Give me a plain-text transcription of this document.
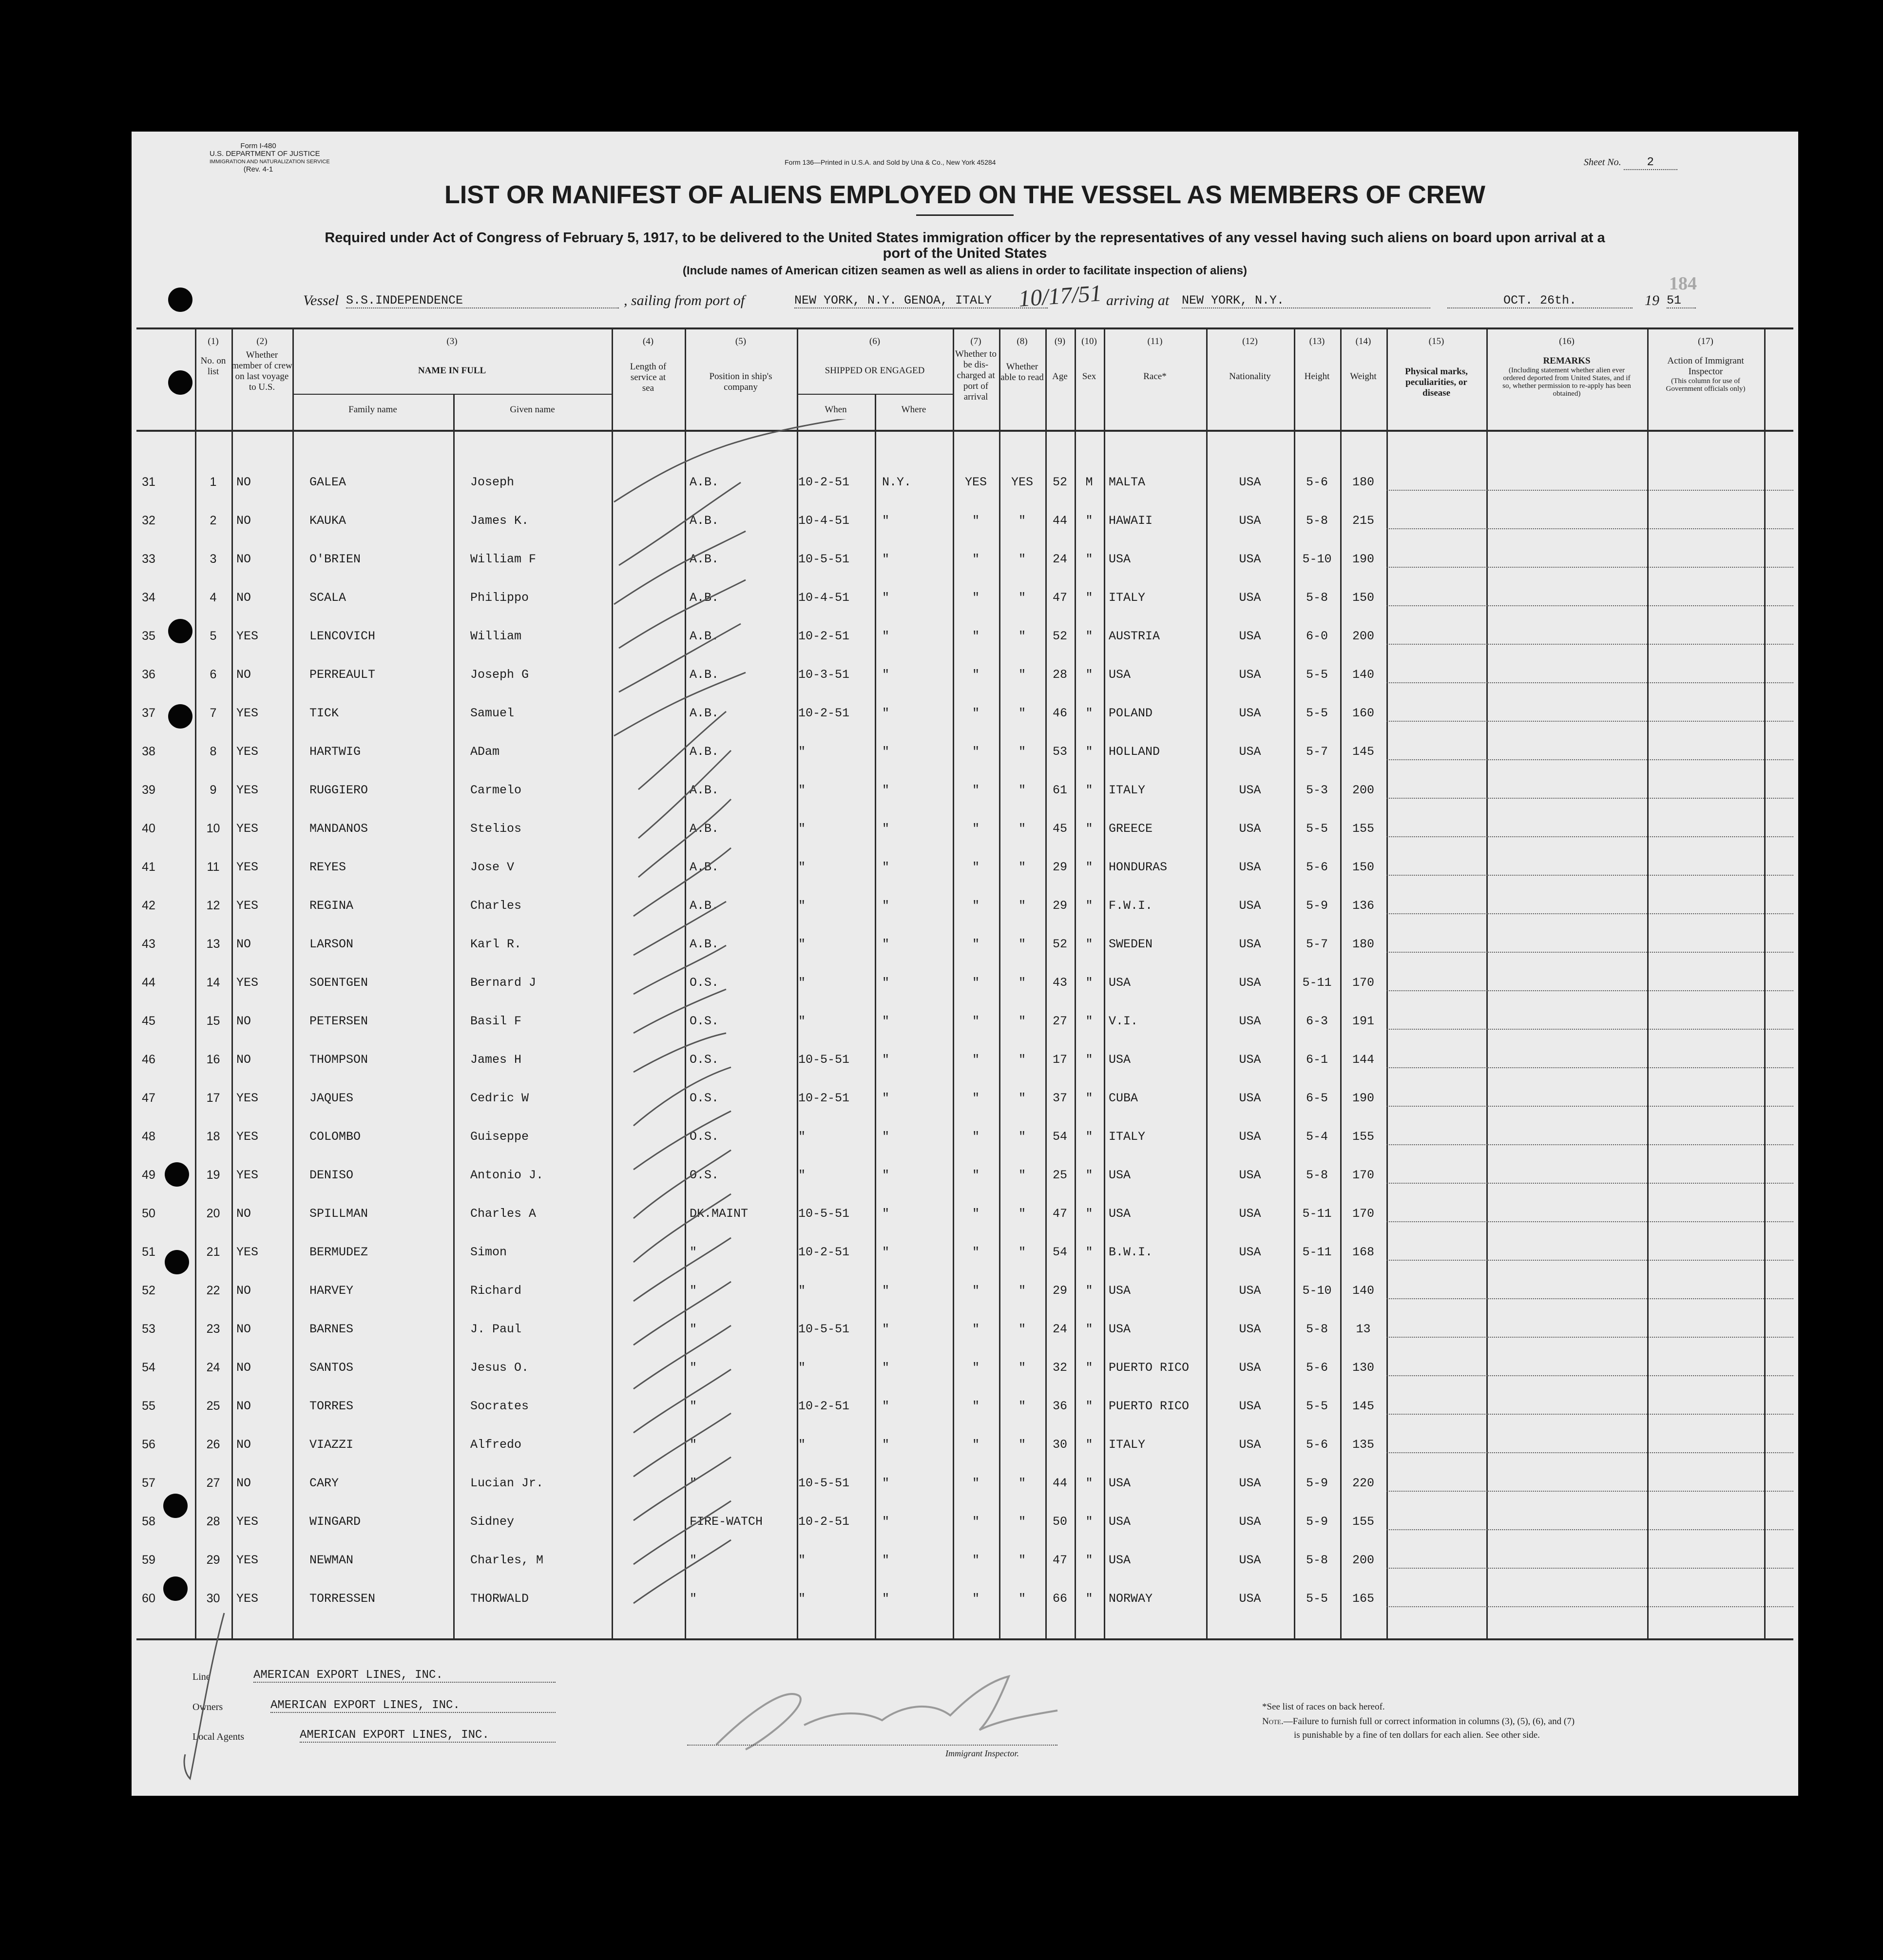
Form I-480
U.S. DEPARTMENT OF JUSTICE
IMMIGRATION AND NATURALIZATION SERVICE
(Rev. 4-1
Form 136—Printed in U.S.A. and Sold by Una & Co., New York 45284	Sheet No. 2
LIST OR MANIFEST OF ALIENS EMPLOYED ON THE VESSEL AS MEMBERS OF CREW
Required under Act of Congress of February 5, 1917, to be delivered to the United States immigration officer by the representatives of any vessel having such aliens on board upon arrival at a
port of the United States
(Include names of American citizen seamen as well as aliens in order to facilitate inspection of aliens)
184
Vessel S.S.INDEPENDENCE	, sailing from port of	NEW YORK, N.Y. GENOA, ITALY	10/17/51 arriving at NEW YORK, N.Y.	OCT. 26th.	19 51
(1)
No. on list
(2)
Whether member of crew on last voyage to U.S.
(3)
NAME IN FULL
Family name	Given name
(4)
Length of service at sea
(5)
Position in ship's company
(6)
SHIPPED OR ENGAGED
When	Where
(7)
Whether to be dis- charged at port of arrival
(8)
Whether able to read
(9)
Age
(10)
Sex
(11)
Race*
(12)
Nationality
(13)
Height
(14)
Weight
(15)
Physical marks, peculiarities, or disease
(16)
REMARKS
(Including statement whether alien ever ordered deported from United States, and if so, whether permission to re-apply has been obtained)
(17)
Action of Immigrant Inspector
(This column for use of Government officials only)
31	1	NO	GALEA	Joseph	A.B.	10-2-51	N.Y.	YES	YES	52	M	MALTA	USA	5-6	180
32	2	NO	KAUKA	James K.	A.B.	10-4-51	"	"	"	44	"	HAWAII	USA	5-8	215
33	3	NO	O'BRIEN	William F	A.B.	10-5-51	"	"	"	24	"	USA	USA	5-10	190
34	4	NO	SCALA	Philippo	A.B.	10-4-51	"	"	"	47	"	ITALY	USA	5-8	150
35	5	YES	LENCOVICH	William	A.B.	10-2-51	"	"	"	52	"	AUSTRIA	USA	6-0	200
36	6	NO	PERREAULT	Joseph G	A.B.	10-3-51	"	"	"	28	"	USA	USA	5-5	140
37	7	YES	TICK	Samuel	A.B.	10-2-51	"	"	"	46	"	POLAND	USA	5-5	160
38	8	YES	HARTWIG	ADam	A.B.	"	"	"	"	53	"	HOLLAND	USA	5-7	145
39	9	YES	RUGGIERO	Carmelo	A.B.	"	"	"	"	61	"	ITALY	USA	5-3	200
40	10	YES	MANDANOS	Stelios	A.B.	"	"	"	"	45	"	GREECE	USA	5-5	155
41	11	YES	REYES	Jose V	A.B.	"	"	"	"	29	"	HONDURAS	USA	5-6	150
42	12	YES	REGINA	Charles	A.B.	"	"	"	"	29	"	F.W.I.	USA	5-9	136
43	13	NO	LARSON	Karl R.	A.B.	"	"	"	"	52	"	SWEDEN	USA	5-7	180
44	14	YES	SOENTGEN	Bernard J	O.S.	"	"	"	"	43	"	USA	USA	5-11	170
45	15	NO	PETERSEN	Basil F	O.S.	"	"	"	"	27	"	V.I.	USA	6-3	191
46	16	NO	THOMPSON	James H	O.S.	10-5-51	"	"	"	17	"	USA	USA	6-1	144
47	17	YES	JAQUES	Cedric W	O.S.	10-2-51	"	"	"	37	"	CUBA	USA	6-5	190
48	18	YES	COLOMBO	Guiseppe	O.S.	"	"	"	"	54	"	ITALY	USA	5-4	155
49	19	YES	DENISO	Antonio J.	O.S.	"	"	"	"	25	"	USA	USA	5-8	170
50	20	NO	SPILLMAN	Charles A	DK.MAINT	10-5-51	"	"	"	47	"	USA	USA	5-11	170
51	21	YES	BERMUDEZ	Simon	"	10-2-51	"	"	"	54	"	B.W.I.	USA	5-11	168
52	22	NO	HARVEY	Richard	"	"	"	"	"	29	"	USA	USA	5-10	140
53	23	NO	BARNES	J. Paul	"	10-5-51	"	"	"	24	"	USA	USA	5-8	13
54	24	NO	SANTOS	Jesus O.	"	"	"	"	"	32	"	PUERTO RICO	USA	5-6	130
55	25	NO	TORRES	Socrates	"	10-2-51	"	"	"	36	"	PUERTO RICO	USA	5-5	145
56	26	NO	VIAZZI	Alfredo	"	"	"	"	"	30	"	ITALY	USA	5-6	135
57	27	NO	CARY	Lucian Jr.	"	10-5-51	"	"	"	44	"	USA	USA	5-9	220
58	28	YES	WINGARD	Sidney	FIRE-WATCH	10-2-51	"	"	"	50	"	USA	USA	5-9	155
59	29	YES	NEWMAN	Charles, M	"	"	"	"	"	47	"	USA	USA	5-8	200
60	30	YES	TORRESSEN	THORWALD	"	"	"	"	"	66	"	NORWAY	USA	5-5	165
Line	AMERICAN EXPORT LINES, INC.
Owners	AMERICAN EXPORT LINES, INC.
Local Agents	AMERICAN EXPORT LINES, INC.
Immigrant Inspector.
*See list of races on back hereof.
Note.—Failure to furnish full or correct information in columns (3), (5), (6), and (7)
is punishable by a fine of ten dollars for each alien. See other side.
